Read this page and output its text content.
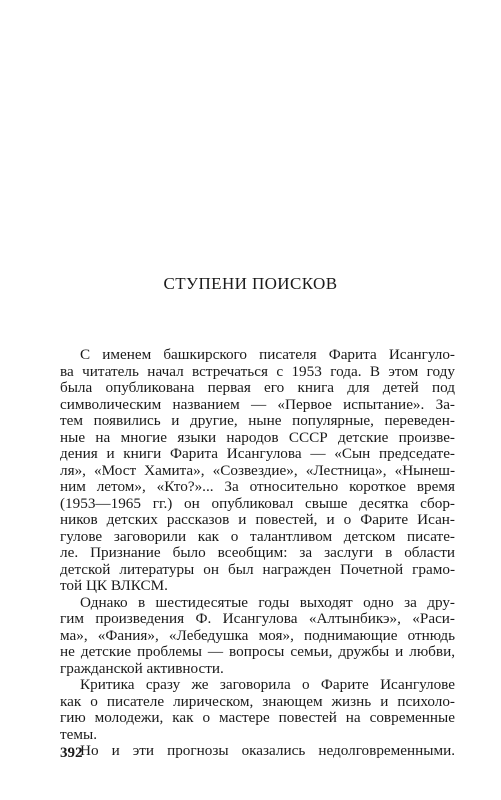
СТУПЕНИ ПОИСКОВ

С именем башкирского писателя Фарита Исангуло-
ва читатель начал встречаться с 1953 года. В этом году
была опубликована первая его книга для детей под
символическим названием — «Первое испытание». За-
тем появились и другие, ныне популярные, переведен-
ные на многие языки народов СССР детские произве-
дения и книги Фарита Исангулова — «Сын председате-
ля», «Мост Хамита», «Созвездие», «Лестница», «Нынеш-
ним летом», «Кто?»... За относительно короткое время
(1953—1965 гг.) он опубликовал свыше десятка сбор-
ников детских рассказов и повестей, и о Фарите Исан-
гулове заговорили как о талантливом детском писате-
ле. Признание было всеобщим: за заслуги в области
детской литературы он был награжден Почетной грамо-
той ЦК ВЛКСМ.

Однако в шестидесятые годы выходят одно за дру-
гим произведения Ф. Исангулова «Алтынбикэ», «Раси-
ма», «Фания», «Лебедушка моя», поднимающие отнюдь
не детские проблемы — вопросы семьи, дружбы и любви,
гражданской активности.

Критика сразу же заговорила о Фарите Исангулове
как о писателе лирическом, знающем жизнь и психоло-
гию молодежи, как о мастере повестей на современные
темы.

Но и эти прогнозы оказались недолговременными.

392
